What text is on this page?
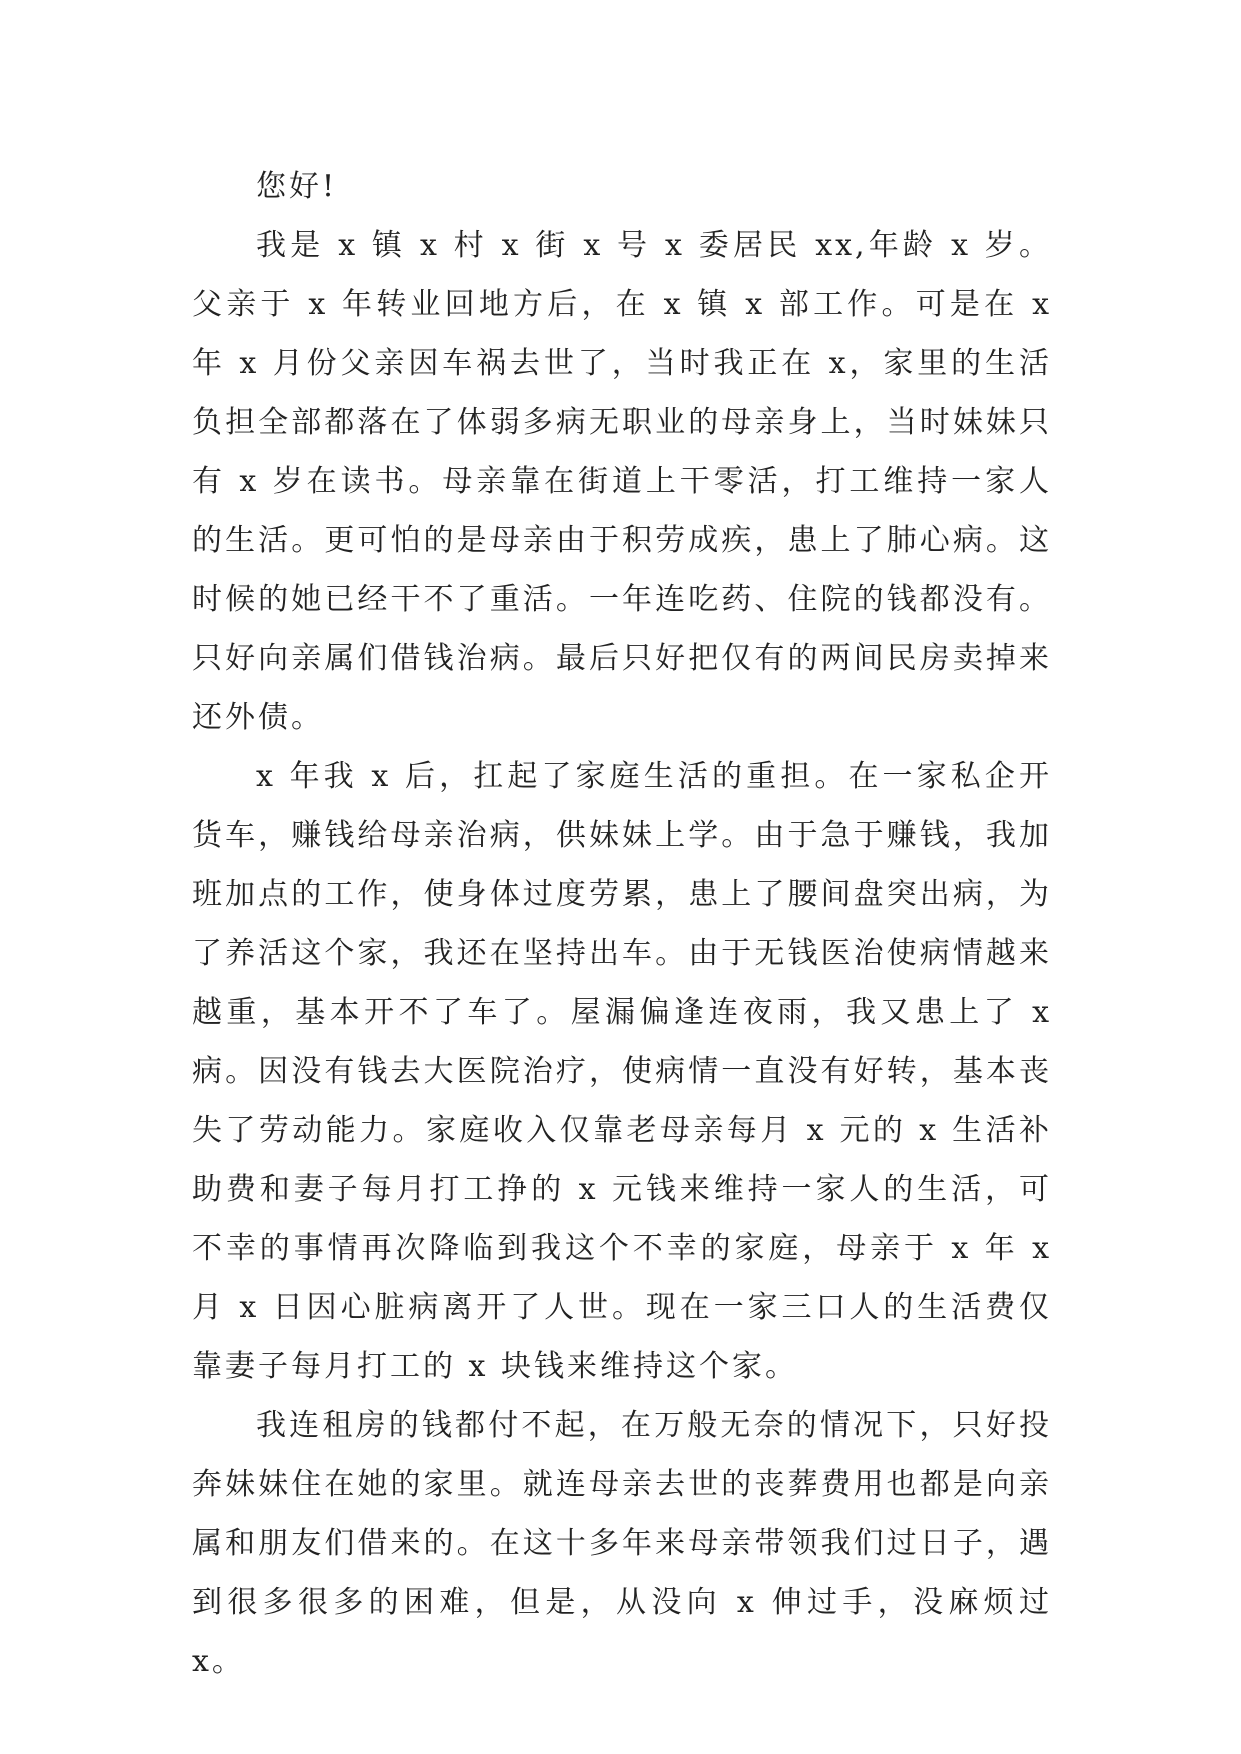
您好!

我是 x 镇 x 村 x 街 x 号 x 委居民 xx,年龄 x 岁。父亲于 x 年转业回地方后，在 x 镇 x 部工作。可是在 x 年 x 月份父亲因车祸去世了，当时我正在 x，家里的生活负担全部都落在了体弱多病无职业的母亲身上，当时妹妹只有 x 岁在读书。母亲靠在街道上干零活，打工维持一家人的生活。更可怕的是母亲由于积劳成疾，患上了肺心病。这时候的她已经干不了重活。一年连吃药、住院的钱都没有。只好向亲属们借钱治病。最后只好把仅有的两间民房卖掉来还外债。

x 年我 x 后，扛起了家庭生活的重担。在一家私企开货车，赚钱给母亲治病，供妹妹上学。由于急于赚钱，我加班加点的工作，使身体过度劳累，患上了腰间盘突出病，为了养活这个家，我还在坚持出车。由于无钱医治使病情越来越重，基本开不了车了。屋漏偏逢连夜雨，我又患上了 x 病。因没有钱去大医院治疗，使病情一直没有好转，基本丧失了劳动能力。家庭收入仅靠老母亲每月 x 元的 x 生活补助费和妻子每月打工挣的 x 元钱来维持一家人的生活，可不幸的事情再次降临到我这个不幸的家庭，母亲于 x 年 x 月 x 日因心脏病离开了人世。现在一家三口人的生活费仅靠妻子每月打工的 x 块钱来维持这个家。

我连租房的钱都付不起，在万般无奈的情况下，只好投奔妹妹住在她的家里。就连母亲去世的丧葬费用也都是向亲属和朋友们借来的。在这十多年来母亲带领我们过日子，遇到很多很多的困难，但是，从没向 x 伸过手，没麻烦过 x。
